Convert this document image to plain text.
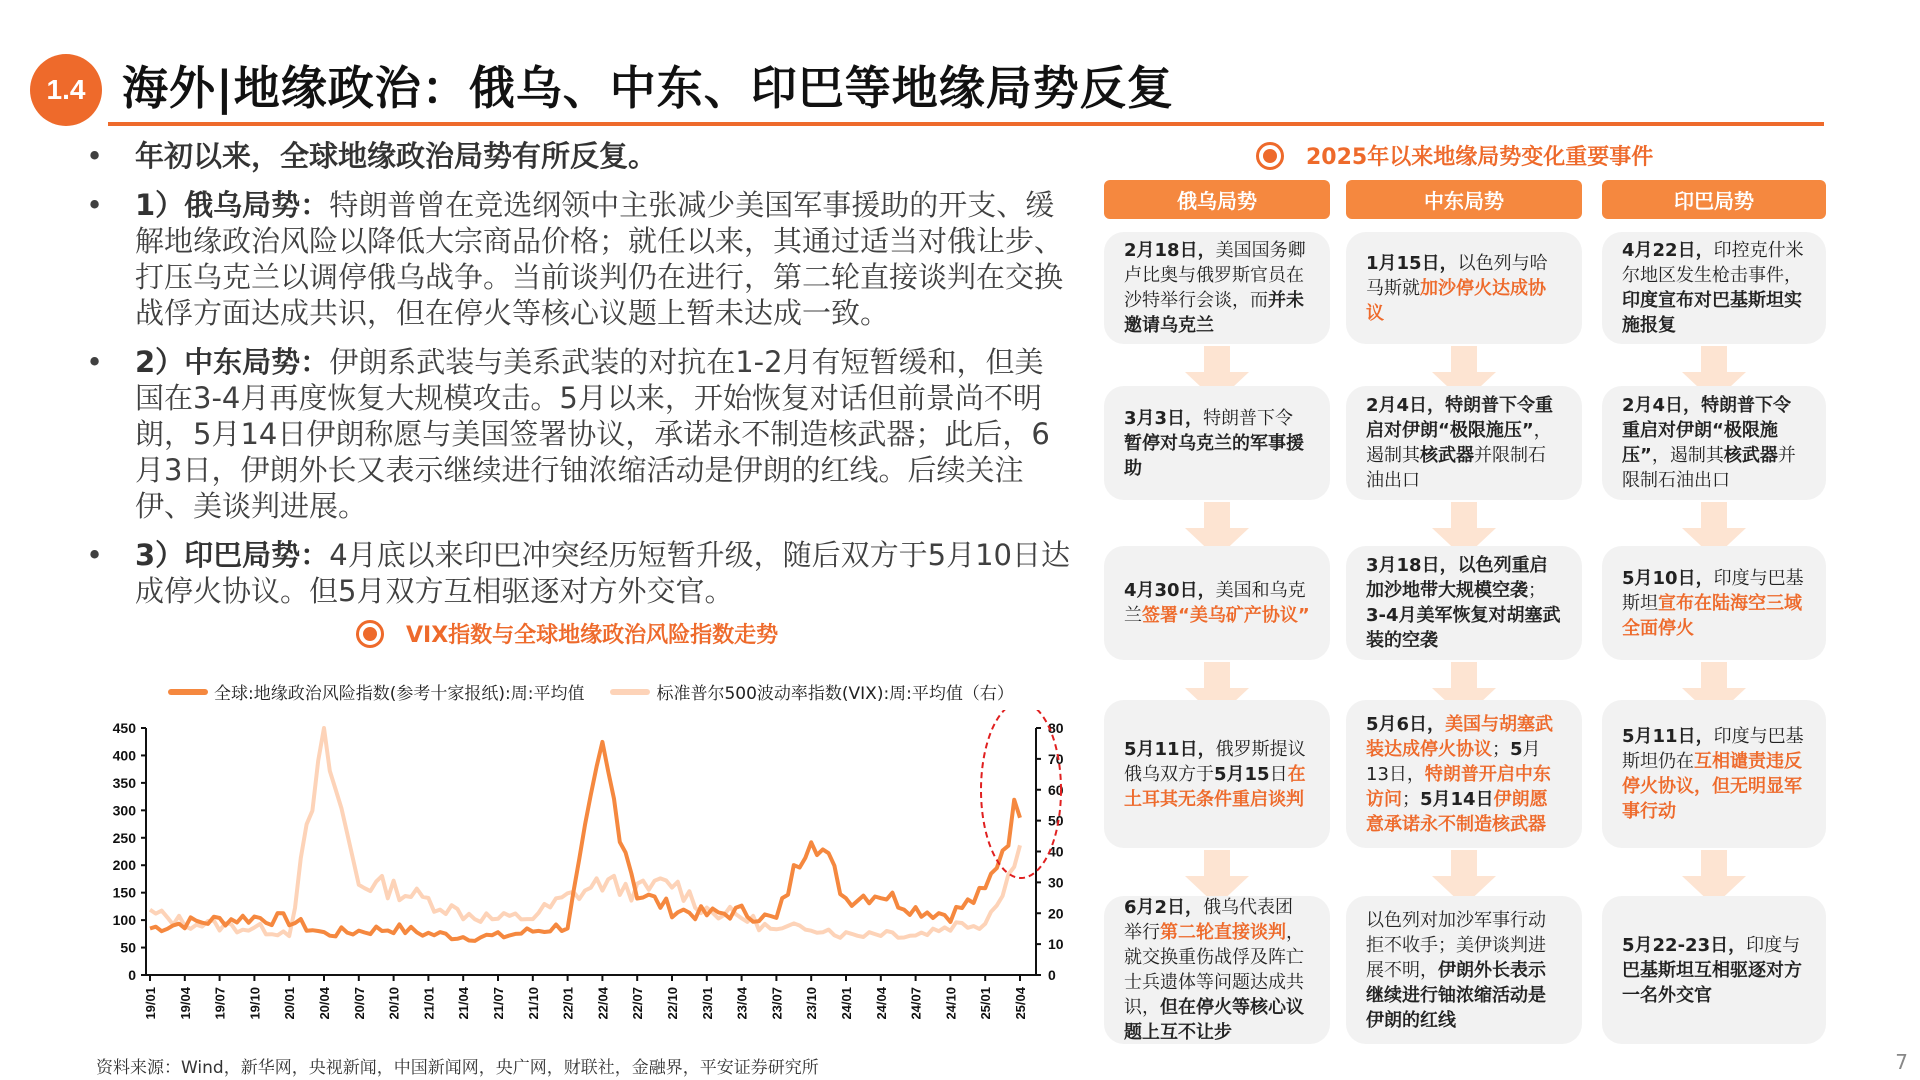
1.4 海外|地缘政治：俄乌、中东、印巴等地缘局势反复
• 年初以来，全球地缘政治局势有所反复。
• 1）俄乌局势：特朗普曾在竞选纲领中主张减少美国军事援助的开支、缓解地缘政治风险以降低大宗商品价格；就任以来，其通过适当对俄让步、打压乌克兰以调停俄乌战争。当前谈判仍在进行，第二轮直接谈判在交换战俘方面达成共识，但在停火等核心议题上暂未达成一致。
• 2）中东局势：伊朗系武装与美系武装的对抗在1-2月有短暂缓和，但美国在3-4月再度恢复大规模攻击。5月以来，开始恢复对话但前景尚不明朗，5月14日伊朗称愿与美国签署协议，承诺永不制造核武器；此后，6月3日，伊朗外长又表示继续进行铀浓缩活动是伊朗的红线。后续关注伊、美谈判进展。
• 3）印巴局势：4月底以来印巴冲突经历短暂升级，随后双方于5月10日达成停火协议。但5月双方互相驱逐对方外交官。
VIX指数与全球地缘政治风险指数走势
全球:地缘政治风险指数(参考十家报纸):周:平均值	标准普尔500波动率指数(VIX):周:平均值（右）
0
50
100
150
200
250
300
350
400
450
0
10
20
30
40
50
60
70
80
19/01 19/04 19/07 19/10 20/01 20/04 20/07 20/10 21/01 21/04 21/07 21/10 22/01 22/04 22/07 22/10 23/01 23/04 23/07 23/10 24/01 24/04 24/07 24/10 25/01 25/04
资料来源：Wind，新华网，央视新闻，中国新闻网，央广网，财联社，金融界，平安证券研究所
2025年以来地缘局势变化重要事件
俄乌局势
2月18日，美国国务卿卢比奥与俄罗斯官员在沙特举行会谈，而并未邀请乌克兰
3月3日，特朗普下令暂停对乌克兰的军事援助
4月30日，美国和乌克兰签署“美乌矿产协议”
5月11日，俄罗斯提议俄乌双方于5月15日在土耳其无条件重启谈判
6月2日，俄乌代表团举行第二轮直接谈判，就交换重伤战俘及阵亡士兵遗体等问题达成共识，但在停火等核心议题上互不让步
中东局势
1月15日，以色列与哈马斯就加沙停火达成协议
2月4日，特朗普下令重启对伊朗“极限施压”，遏制其核武器并限制石油出口
3月18日，以色列重启加沙地带大规模空袭；3-4月美军恢复对胡塞武装的空袭
5月6日，美国与胡塞武装达成停火协议；5月13日，特朗普开启中东访问；5月14日伊朗愿意承诺永不制造核武器
以色列对加沙军事行动拒不收手；美伊谈判进展不明，伊朗外长表示继续进行铀浓缩活动是伊朗的红线
印巴局势
4月22日，印控克什米尔地区发生枪击事件，印度宣布对巴基斯坦实施报复
2月4日，特朗普下令重启对伊朗“极限施压”，遏制其核武器并限制石油出口
5月10日，印度与巴基斯坦宣布在陆海空三域全面停火
5月11日，印度与巴基斯坦仍在互相谴责违反停火协议，但无明显军事行动
5月22-23日，印度与巴基斯坦互相驱逐对方一名外交官
7
